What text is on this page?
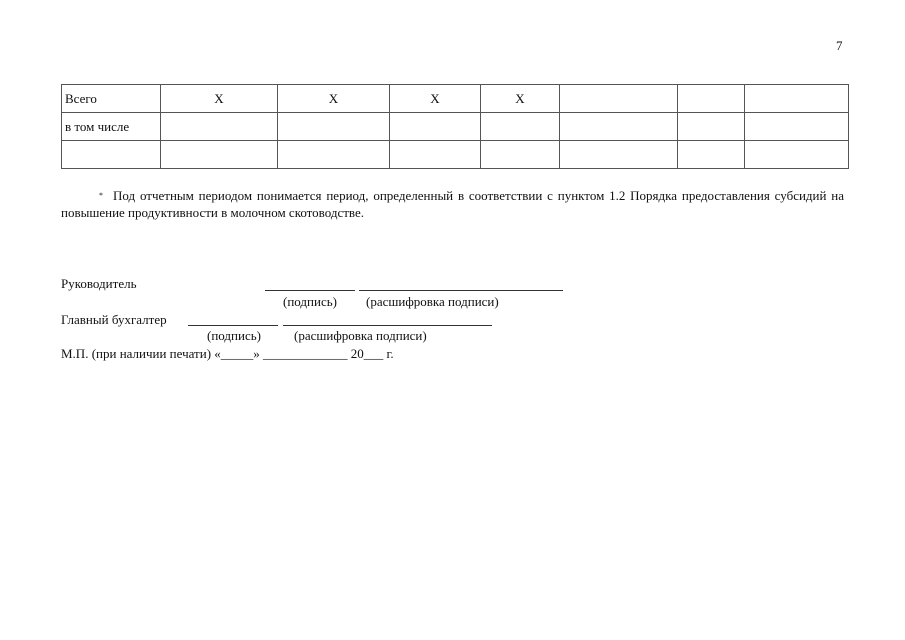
7
Всего	X	X	X	X			
в том числе							

* Под отчетным периодом понимается период, определенный в соответствии с пунктом 1.2 Порядка предоставления субсидий на повышение продуктивности в молочном скотоводстве.
Руководитель
(подпись) (расшифровка подписи)
Главный бухгалтер
(подпись)	(расшифровка подписи)
М.П. (при наличии печати) «_____» _____________ 20___ г.
